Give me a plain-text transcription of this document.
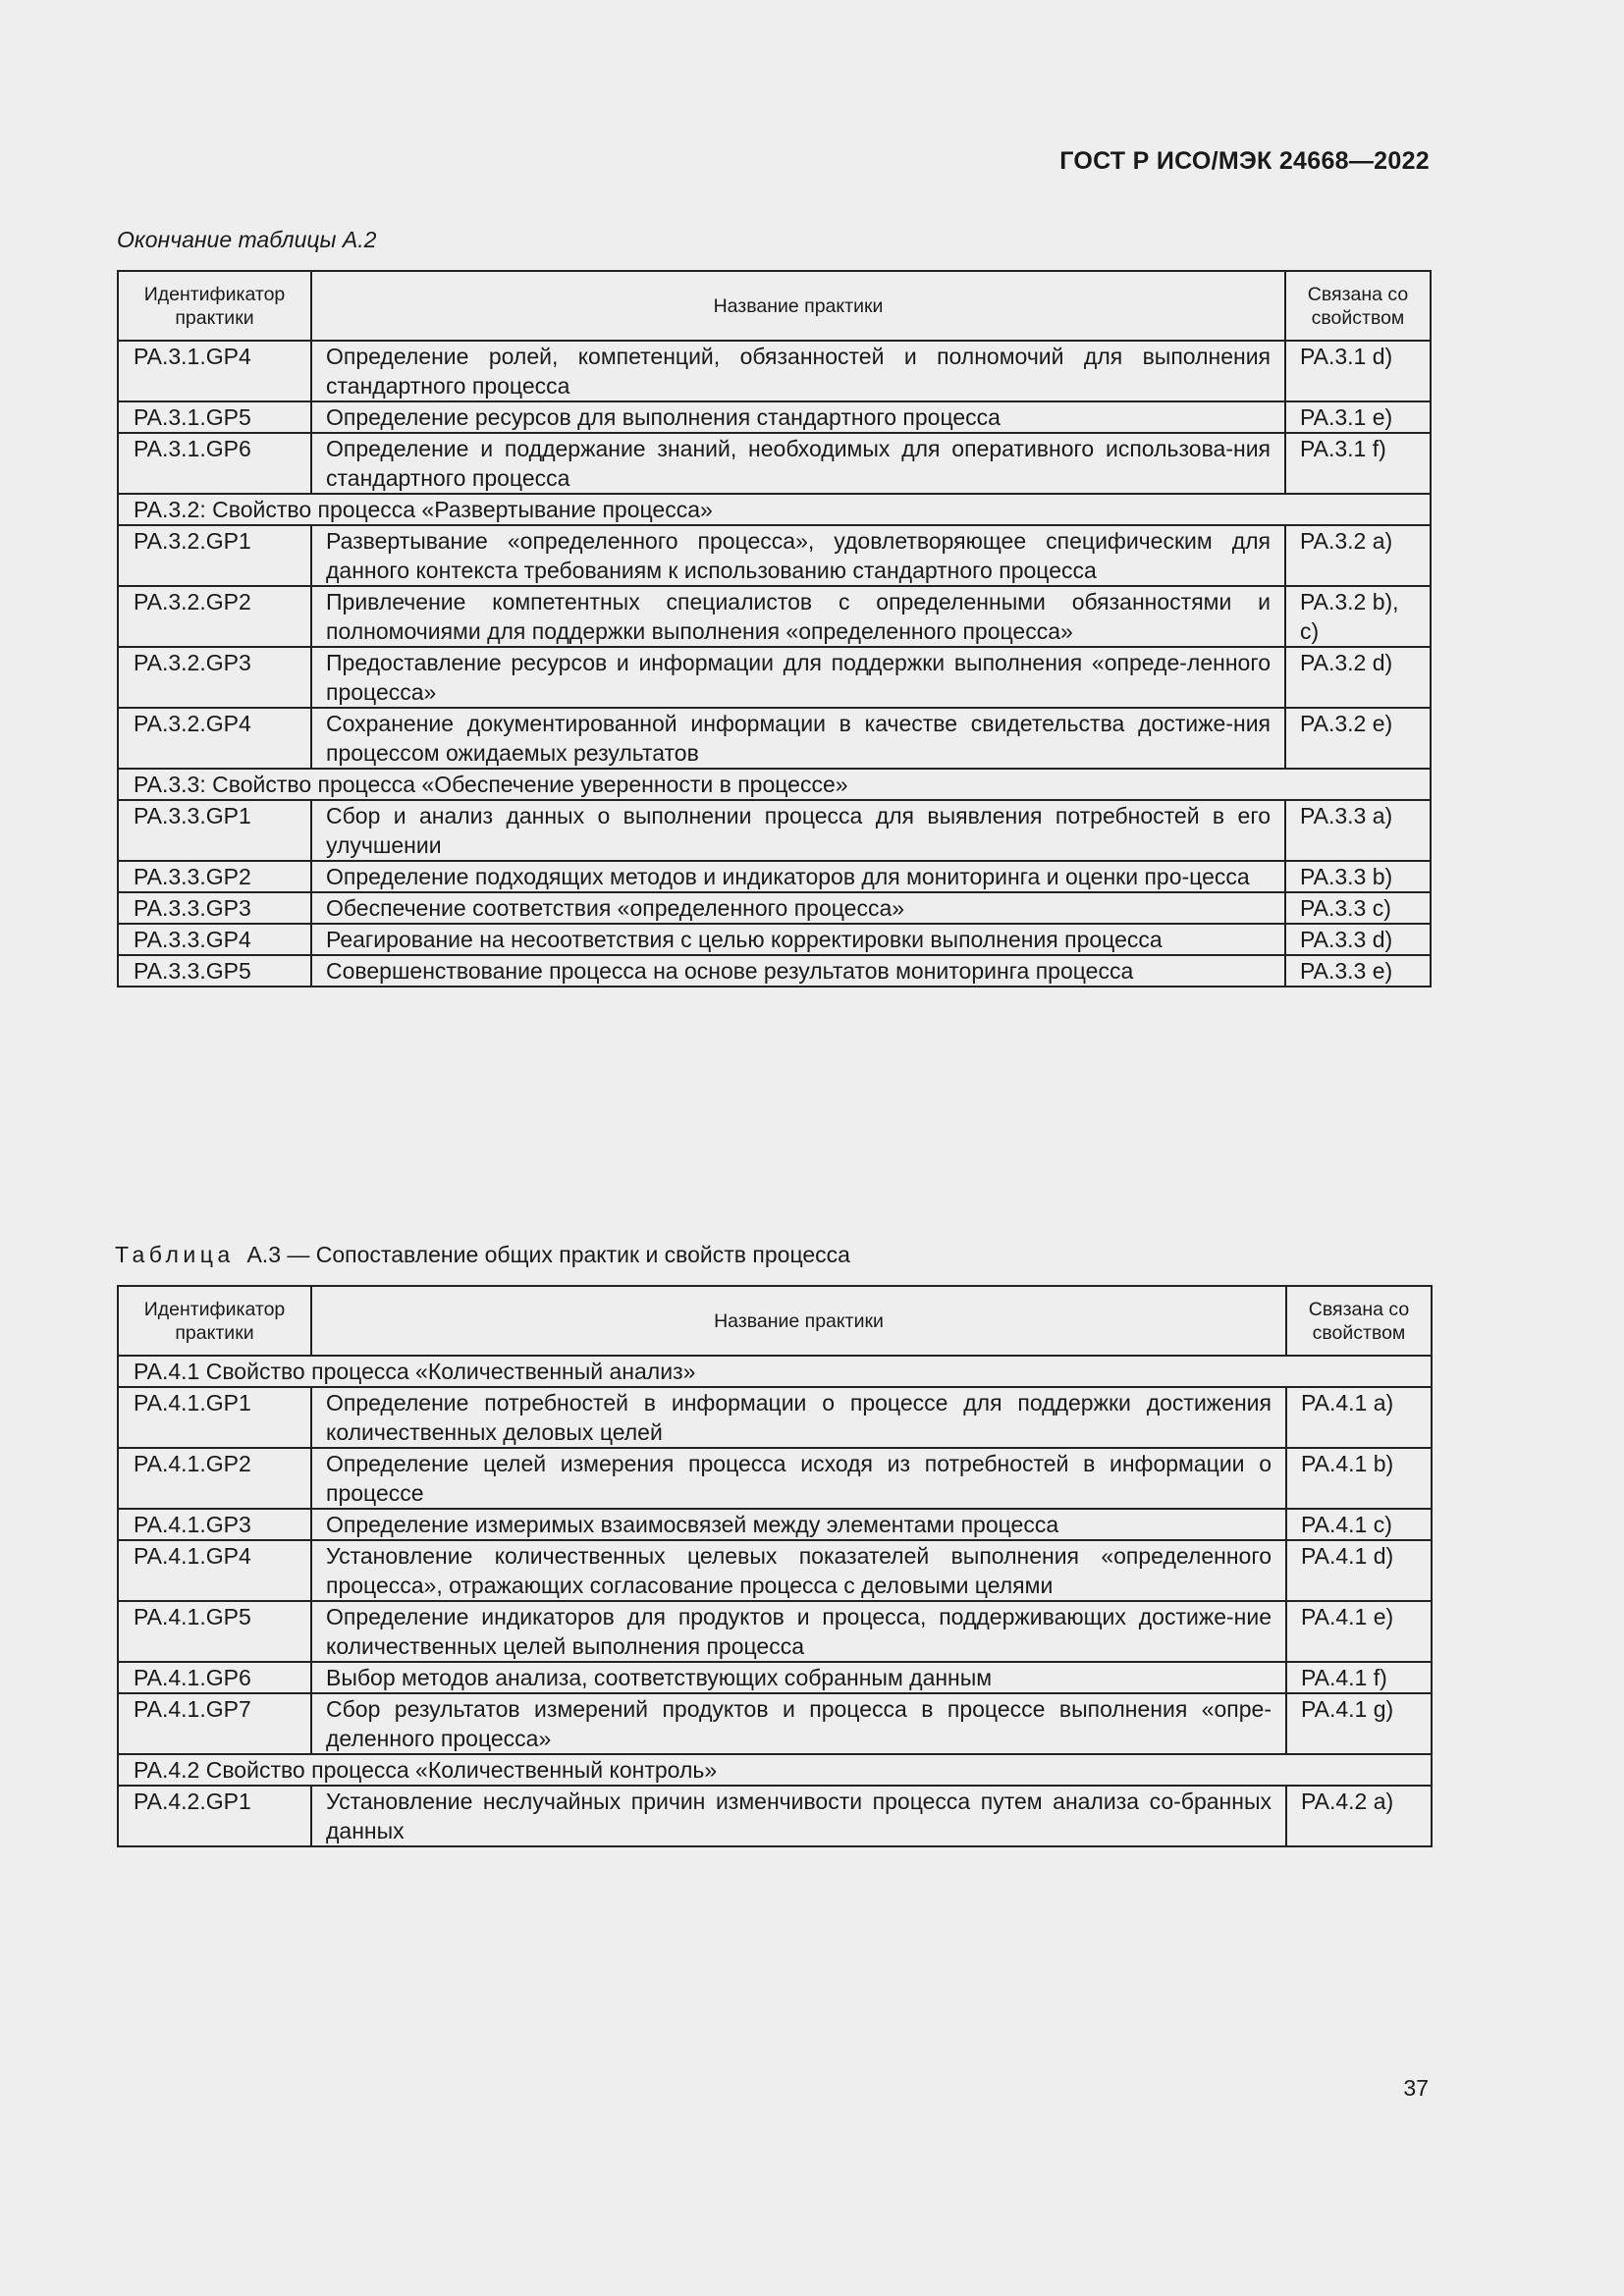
ГОСТ Р ИСО/МЭК 24668—2022
Окончание таблицы А.2
Идентификатор практики	Название практики	Связана со свойством
PA.3.1.GP4	Определение ролей, компетенций, обязанностей и полномочий для выполнения стандартного процесса	PA.3.1 d)
PA.3.1.GP5	Определение ресурсов для выполнения стандартного процесса	PA.3.1 e)
PA.3.1.GP6	Определение и поддержание знаний, необходимых для оперативного использова-ния стандартного процесса	PA.3.1 f)
PA.3.2: Свойство процесса «Развертывание процесса»		
PA.3.2.GP1	Развертывание «определенного процесса», удовлетворяющее специфическим для данного контекста требованиям к использованию стандартного процесса	PA.3.2 a)
PA.3.2.GP2	Привлечение компетентных специалистов с определенными обязанностями и полномочиями для поддержки выполнения «определенного процесса»	PA.3.2 b), c)
PA.3.2.GP3	Предоставление ресурсов и информации для поддержки выполнения «опреде-ленного процесса»	PA.3.2 d)
PA.3.2.GP4	Сохранение документированной информации в качестве свидетельства достиже-ния процессом ожидаемых результатов	PA.3.2 e)
PA.3.3: Свойство процесса «Обеспечение уверенности в процессе»		
PA.3.3.GP1	Сбор и анализ данных о выполнении процесса для выявления потребностей в его улучшении	PA.3.3 a)
PA.3.3.GP2	Определение подходящих методов и индикаторов для мониторинга и оценки про-цесса	PA.3.3 b)
PA.3.3.GP3	Обеспечение соответствия «определенного процесса»	PA.3.3 c)
PA.3.3.GP4	Реагирование на несоответствия с целью корректировки выполнения процесса	PA.3.3 d)
PA.3.3.GP5	Совершенствование процесса на основе результатов мониторинга процесса	PA.3.3 e)
Таблица А.3 — Сопоставление общих практик и свойств процесса
Идентификатор практики	Название практики	Связана со свойством
PA.4.1 Свойство процесса «Количественный анализ»		
PA.4.1.GP1	Определение потребностей в информации о процессе для поддержки достижения количественных деловых целей	PA.4.1 a)
PA.4.1.GP2	Определение целей измерения процесса исходя из потребностей в информации о процессе	PA.4.1 b)
PA.4.1.GP3	Определение измеримых взаимосвязей между элементами процесса	PA.4.1 c)
PA.4.1.GP4	Установление количественных целевых показателей выполнения «определенного процесса», отражающих согласование процесса с деловыми целями	PA.4.1 d)
PA.4.1.GP5	Определение индикаторов для продуктов и процесса, поддерживающих достиже-ние количественных целей выполнения процесса	PA.4.1 e)
PA.4.1.GP6	Выбор методов анализа, соответствующих собранным данным	PA.4.1 f)
PA.4.1.GP7	Сбор результатов измерений продуктов и процесса в процессе выполнения «опре-деленного процесса»	PA.4.1 g)
PA.4.2 Свойство процесса «Количественный контроль»		
PA.4.2.GP1	Установление неслучайных причин изменчивости процесса путем анализа со-бранных данных	PA.4.2 a)
37
